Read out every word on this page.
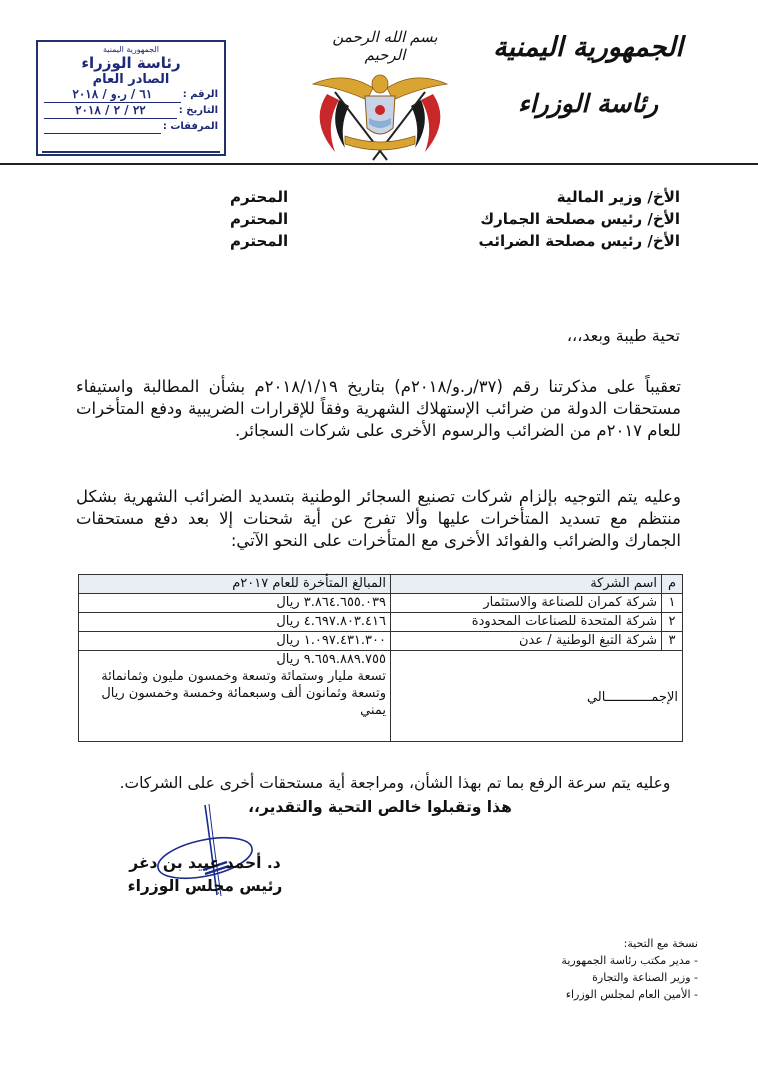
الجمهورية اليمنية
رئاسة الوزراء
بسم الله الرحمن الرحيم
الجمهورية اليمنية
رئاسة الوزراء
الصادر العام
الرقم :
٦١ / ر.و / ٢٠١٨
التاريخ :
٢٢ / ٢ / ٢٠١٨
المرفقات :
الأخ/ وزير المالية
المحترم
الأخ/ رئيس مصلحة الجمارك
المحترم
الأخ/ رئيس مصلحة الضرائب
المحترم
تحية طيبة وبعد،،،
تعقيباً على مذكرتنا رقم (٣٧/ر.و/٢٠١٨م) بتاريخ ٢٠١٨/١/١٩م بشأن المطالبة واستيفاء مستحقات الدولة من ضرائب الإستهلاك الشهرية وفقاً للإقرارات الضريبية ودفع المتأخرات للعام ٢٠١٧م من الضرائب والرسوم الأخرى على شركات السجائر.
وعليه يتم التوجيه بإلزام شركات تصنيع السجائر الوطنية بتسديد الضرائب الشهرية بشكل منتظم مع تسديد المتأخرات عليها وألا تفرج عن أية شحنات إلا بعد دفع مستحقات الجمارك والضرائب والفوائد الأخرى مع المتأخرات على النحو الآتي:
م	اسم الشركة	المبالغ المتأخرة للعام ٢٠١٧م
١	شركة كمران للصناعة والاستثمار	٣.٨٦٤.٦٥٥.٠٣٩ ريال
٢	شركة المتحدة للصناعات المحدودة	٤.٦٩٧.٨٠٣.٤١٦ ريال
٣	شركة التبغ الوطنية / عدن	١.٠٩٧.٤٣١.٣٠٠ ريال
الإجمــــــــــــالي		٩.٦٥٩.٨٨٩.٧٥٥ ريال
تسعة مليار وستمائة وتسعة وخمسون مليون وثمانمائة وتسعة وثمانون ألف وسبعمائة وخمسة وخمسون ريال يمني
وعليه يتم سرعة الرفع بما تم بهذا الشأن، ومراجعة أية مستحقات أخرى على الشركات.
هذا وتقبلوا خالص التحية والتقدير،،
د. أحمد عبيد بن دغر
رئيس مجلس الوزراء
نسخة مع التحية:
- مدير مكتب رئاسة الجمهورية
- وزير الصناعة والتجارة
- الأمين العام لمجلس الوزراء
